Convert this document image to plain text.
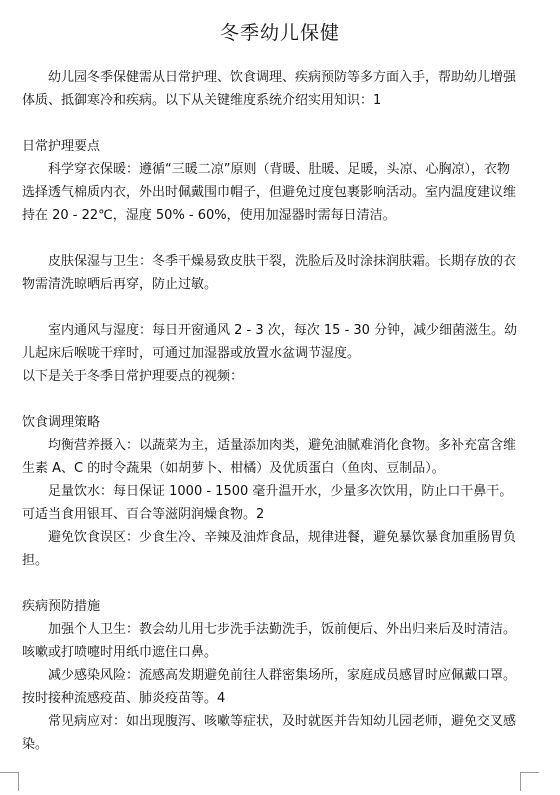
冬季幼儿保健

幼儿园冬季保健需从日常护理、饮食调理、疾病预防等多方面入手，帮助幼儿增强体质、抵御寒冷和疾病。以下从关键维度系统介绍实用知识：1

日常护理要点

科学穿衣保暖：遵循“三暖二凉”原则（背暖、肚暖、足暖，头凉、心胸凉），衣物选择透气棉质内衣，外出时佩戴围巾帽子，但避免过度包裹影响活动。室内温度建议维持在 20 - 22℃，湿度 50% - 60%，使用加湿器时需每日清洁。

皮肤保湿与卫生：冬季干燥易致皮肤干裂，洗脸后及时涂抹润肤霜。长期存放的衣物需清洗晾晒后再穿，防止过敏。

室内通风与湿度：每日开窗通风 2 - 3 次，每次 15 - 30 分钟，减少细菌滋生。幼儿起床后喉咙干痒时，可通过加湿器或放置水盆调节湿度。

以下是关于冬季日常护理要点的视频：

饮食调理策略

均衡营养摄入：以蔬菜为主，适量添加肉类，避免油腻难消化食物。多补充富含维生素 A、C 的时令蔬果（如胡萝卜、柑橘）及优质蛋白（鱼肉、豆制品）。

足量饮水：每日保证 1000 - 1500 毫升温开水，少量多次饮用，防止口干鼻干。可适当食用银耳、百合等滋阴润燥食物。2

避免饮食误区：少食生冷、辛辣及油炸食品，规律进餐，避免暴饮暴食加重肠胃负担。

疾病预防措施

加强个人卫生：教会幼儿用七步洗手法勤洗手，饭前便后、外出归来后及时清洁。咳嗽或打喷嚏时用纸巾遮住口鼻。

减少感染风险：流感高发期避免前往人群密集场所，家庭成员感冒时应佩戴口罩。按时接种流感疫苗、肺炎疫苗等。4

常见病应对：如出现腹泻、咳嗽等症状，及时就医并告知幼儿园老师，避免交叉感染。
